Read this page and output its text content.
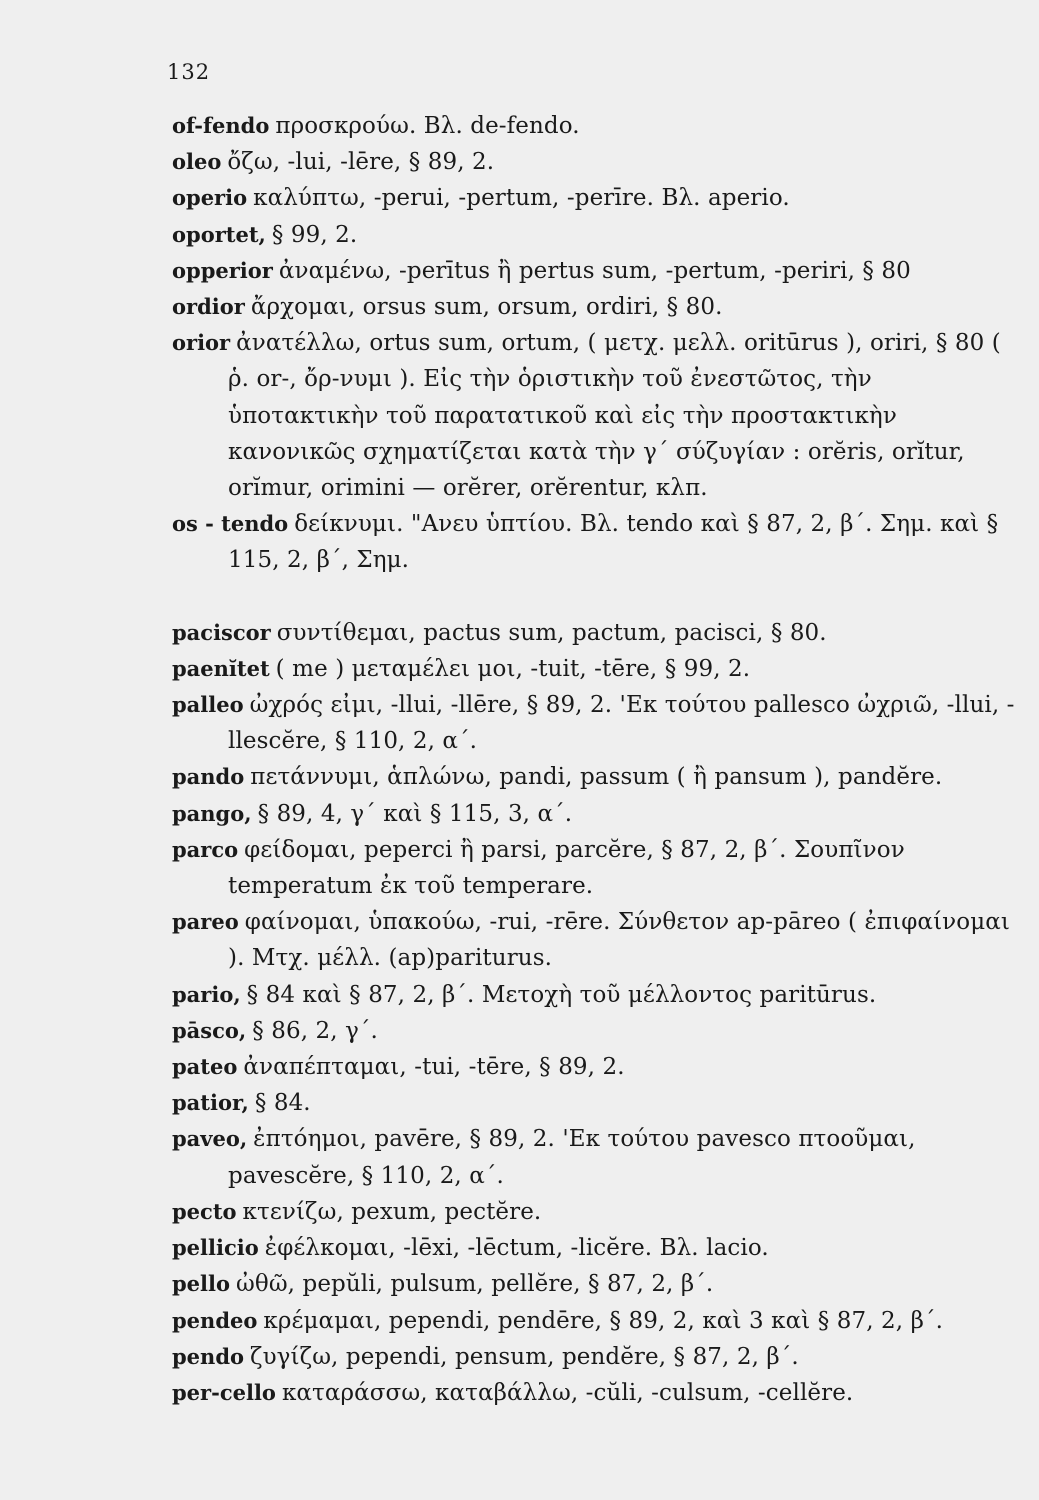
132
of-fendo προσκρούω. Βλ. de-fendo.
oleo ὄζω, -lui, -lēre, § 89, 2.
operio καλύπτω, -perui, -pertum, -perīre. Βλ. aperio.
oportet, § 99, 2.
opperior ἀναμένω, -perītus ἢ pertus sum, -pertum, -periri, § 80
ordior ἄρχομαι, orsus sum, orsum, ordiri, § 80.
orior ἀνατέλλω, ortus sum, ortum, ( μετχ. μελλ. oritūrus ), oriri, § 80 ( ῥ. or-, ὄρ-νυμι ). Εἰς τὴν ὁριστικὴν τοῦ ἐνεστῶτος, τὴν ὑποτακτικὴν τοῦ παρατατικοῦ καὶ εἰς τὴν προστακτικὴν κανονικῶς σχηματίζεται κατὰ τὴν γ΄ σύζυγίαν : orĕris, orĭtur, orĭmur, orimini — orĕrer, orĕrentur, κλπ.
os - tendo δείκνυμι. "Ανευ ὑπτίου. Βλ. tendo καὶ § 87, 2, β΄. Σημ. καὶ § 115, 2, β΄, Σημ.
paciscor συντίθεμαι, pactus sum, pactum, pacisci, § 80.
paenĭtet ( me ) μεταμέλει μοι, -tuit, -tēre, § 99, 2.
palleo ὠχρός εἰμι, -llui, -llēre, § 89, 2. 'Εκ τούτου pallesco ὠχριῶ, -llui, -llescĕre, § 110, 2, α΄.
pando πετάννυμι, ἁπλώνω, pandi, passum ( ἢ pansum ), pandĕre.
pango, § 89, 4, γ΄ καὶ § 115, 3, α΄.
parco φείδομαι, peperci ἢ parsi, parcĕre, § 87, 2, β΄. Σουπῖνον temperatum ἐκ τοῦ temperare.
pareo φαίνομαι, ὑπακούω, -rui, -rēre. Σύνθετον ap-pāreo ( ἐπιφαίνομαι ). Μτχ. μέλλ. (ap)pariturus.
pario, § 84 καὶ § 87, 2, β΄. Μετοχὴ τοῦ μέλλοντος paritūrus.
pāsco, § 86, 2, γ΄.
pateo ἀναπέπταμαι, -tui, -tēre, § 89, 2.
patior, § 84.
paveo, ἐπτόημοι, pavēre, § 89, 2. 'Εκ τούτου pavesco πτοοῦμαι, pavescĕre, § 110, 2, α΄.
pecto κτενίζω, pexum, pectĕre.
pellicio ἐφέλκομαι, -lēxi, -lēctum, -licĕre. Βλ. lacio.
pello ὠθῶ, pepŭli, pulsum, pellĕre, § 87, 2, β΄.
pendeo κρέμαμαι, pependi, pendēre, § 89, 2, καὶ 3 καὶ § 87, 2, β΄.
pendo ζυγίζω, pependi, pensum, pendĕre, § 87, 2, β΄.
per-cello καταράσσω, καταβάλλω, -cŭli, -culsum, -cellĕre.
